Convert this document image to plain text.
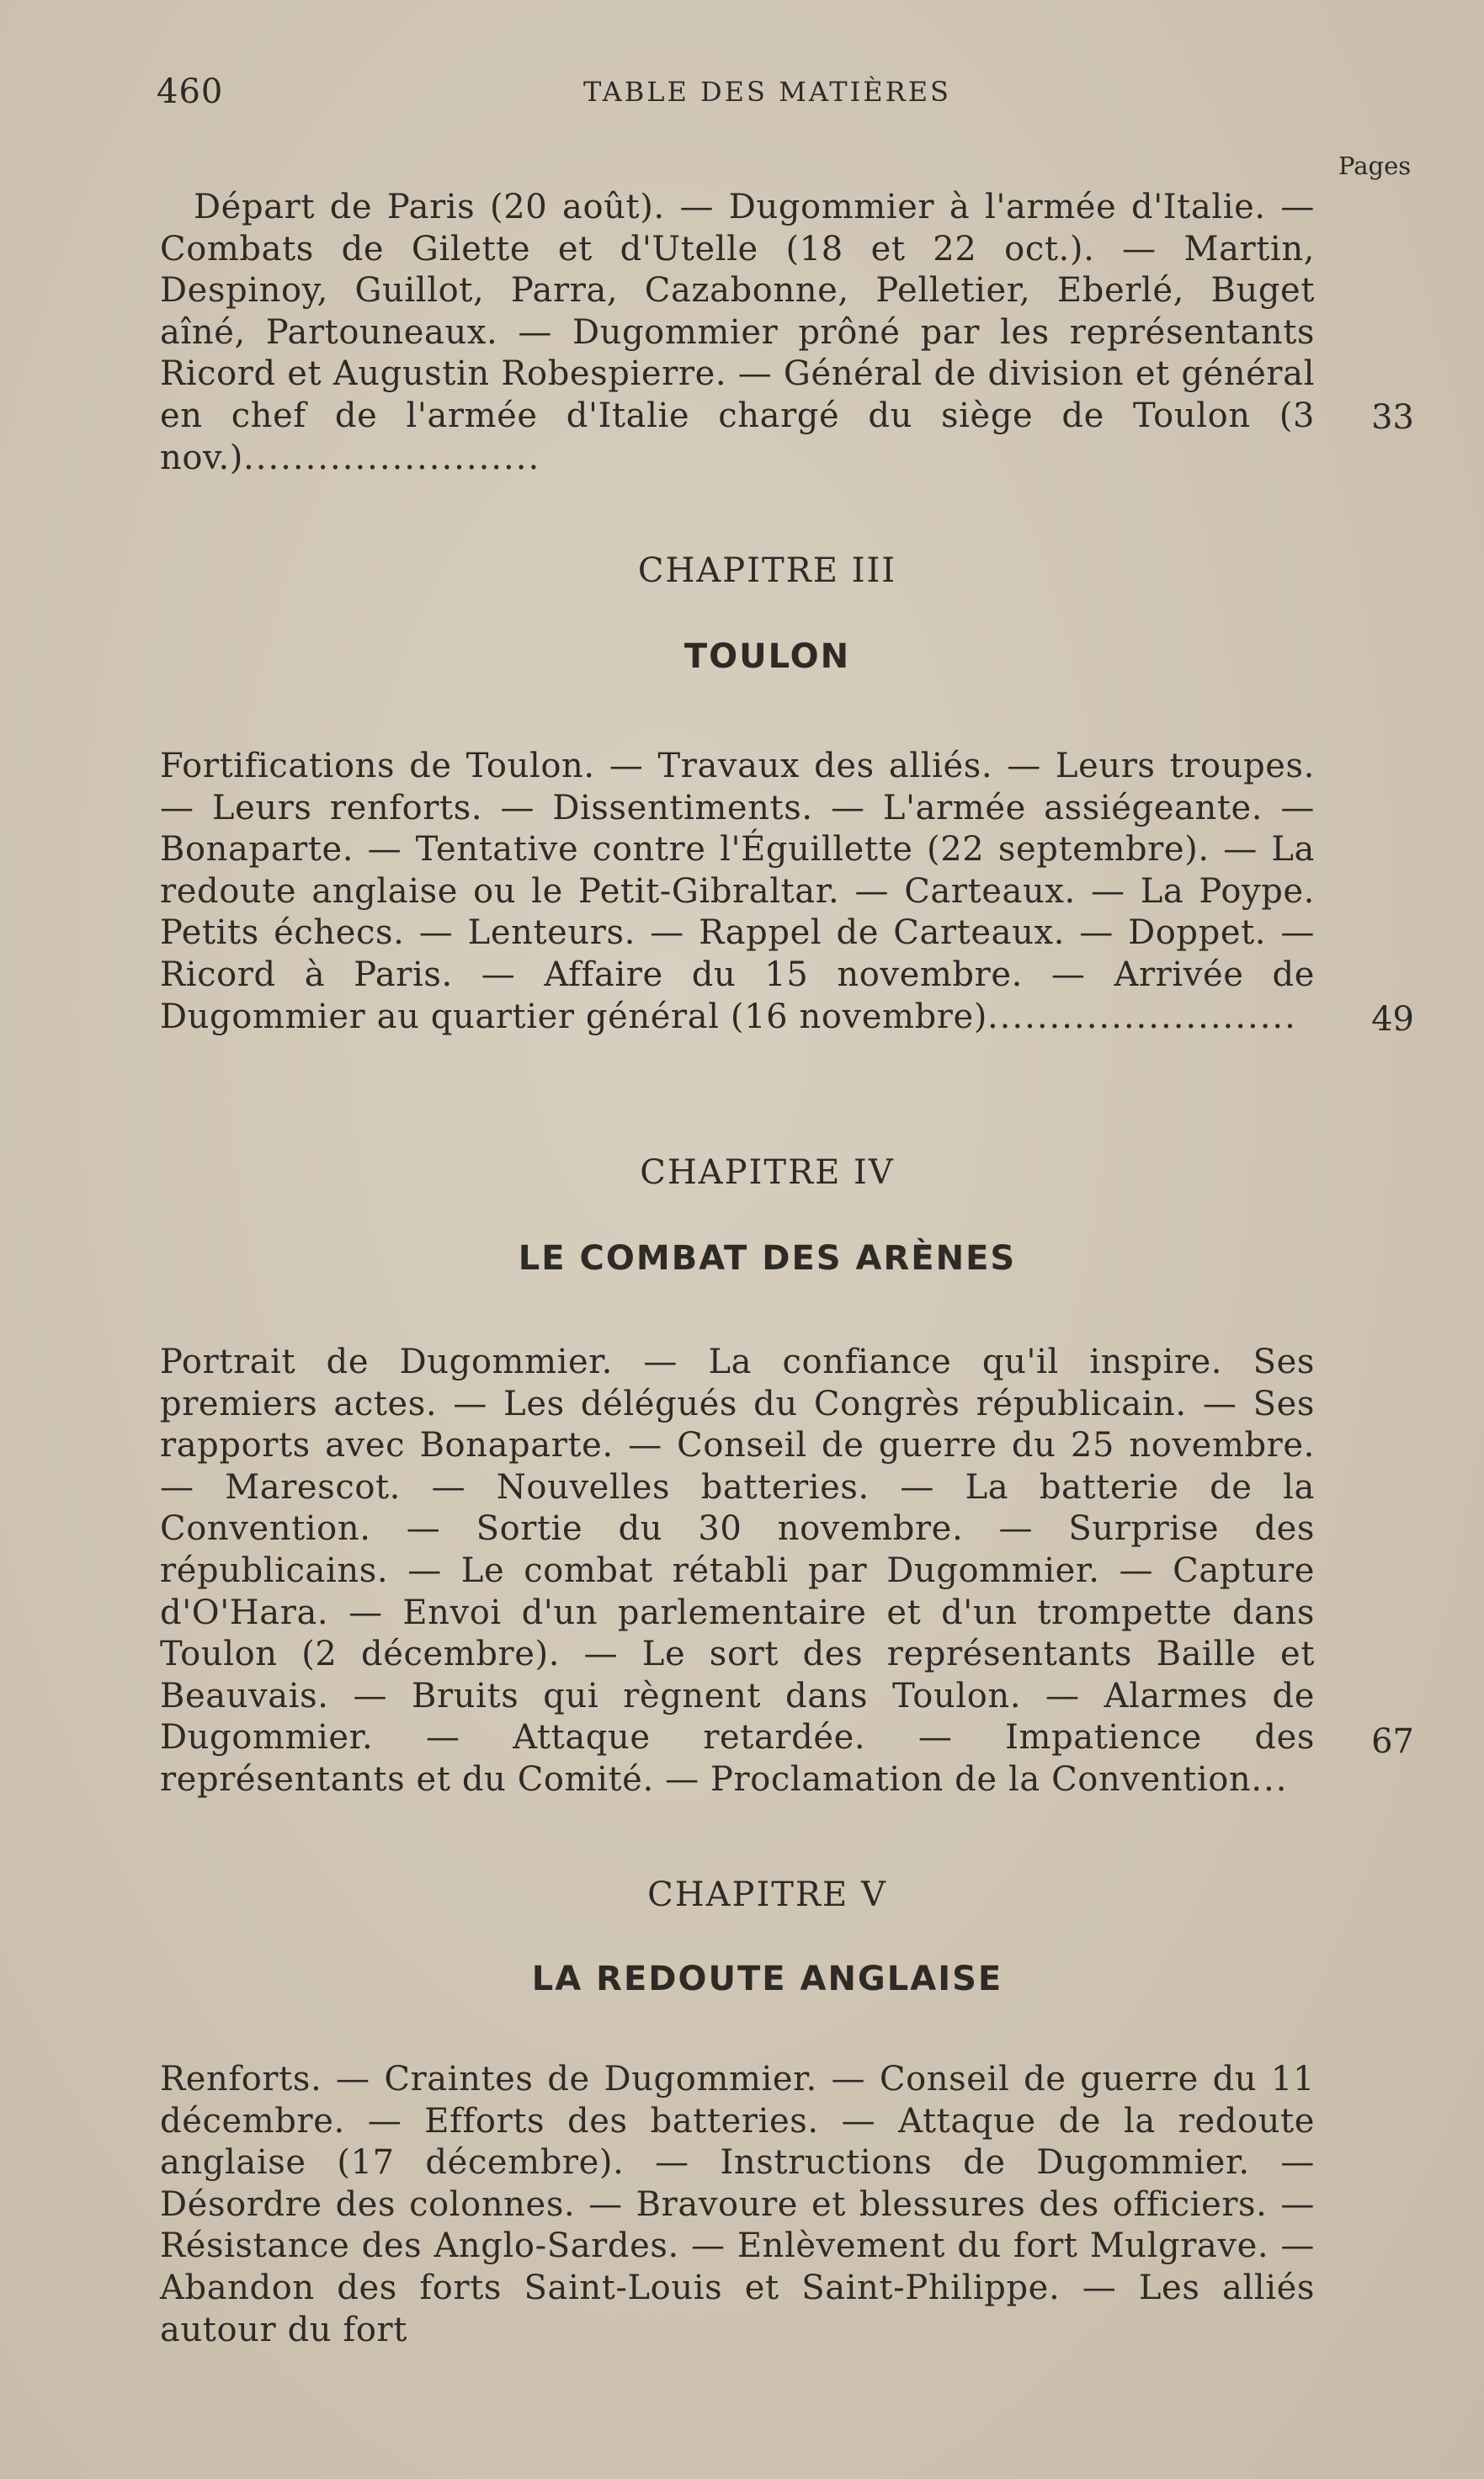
460	TABLE DES MATIÈRES
Pages
Départ de Paris (20 août). — Dugommier à l'armée d'Italie. — Combats de Gilette et d'Utelle (18 et 22 oct.). — Martin, Despinoy, Guillot, Parra, Cazabonne, Pelletier, Eberlé, Buget aîné, Partouneaux. — Dugommier prôné par les représentants Ricord et Augustin Robespierre. — Général de division et général en chef de l'armée d'Italie chargé du siège de Toulon (3 nov.)........................
33
CHAPITRE III
TOULON
Fortifications de Toulon. — Travaux des alliés. — Leurs troupes. — Leurs renforts. — Dissentiments. — L'armée assiégeante. — Bonaparte. — Tentative contre l'Éguillette (22 septembre). — La redoute anglaise ou le Petit-Gibraltar. — Carteaux. — La Poype. Petits échecs. — Lenteurs. — Rappel de Carteaux. — Doppet. — Ricord à Paris. — Affaire du 15 novembre. — Arrivée de Dugommier au quartier général (16 novembre).........................	49
CHAPITRE IV
LE COMBAT DES ARÈNES
Portrait de Dugommier. — La confiance qu'il inspire. Ses premiers actes. — Les délégués du Congrès républicain. — Ses rapports avec Bonaparte. — Conseil de guerre du 25 novembre. — Marescot. — Nouvelles batteries. — La batterie de la Convention. — Sortie du 30 novembre. — Surprise des républicains. — Le combat rétabli par Dugommier. — Capture d'O'Hara. — Envoi d'un parlementaire et d'un trompette dans Toulon (2 décembre). — Le sort des représentants Baille et Beauvais. — Bruits qui règnent dans Toulon. — Alarmes de Dugommier. — Attaque retardée. — Impatience des représentants et du Comité. — Proclamation de la Convention...
67
CHAPITRE V
LA REDOUTE ANGLAISE
Renforts. — Craintes de Dugommier. — Conseil de guerre du 11 décembre. — Efforts des batteries. — Attaque de la redoute anglaise (17 décembre). — Instructions de Dugommier. — Désordre des colonnes. — Bravoure et blessures des officiers. — Résistance des Anglo-Sardes. — Enlèvement du fort Mulgrave. — Abandon des forts Saint-Louis et Saint-Philippe. — Les alliés autour du fort
